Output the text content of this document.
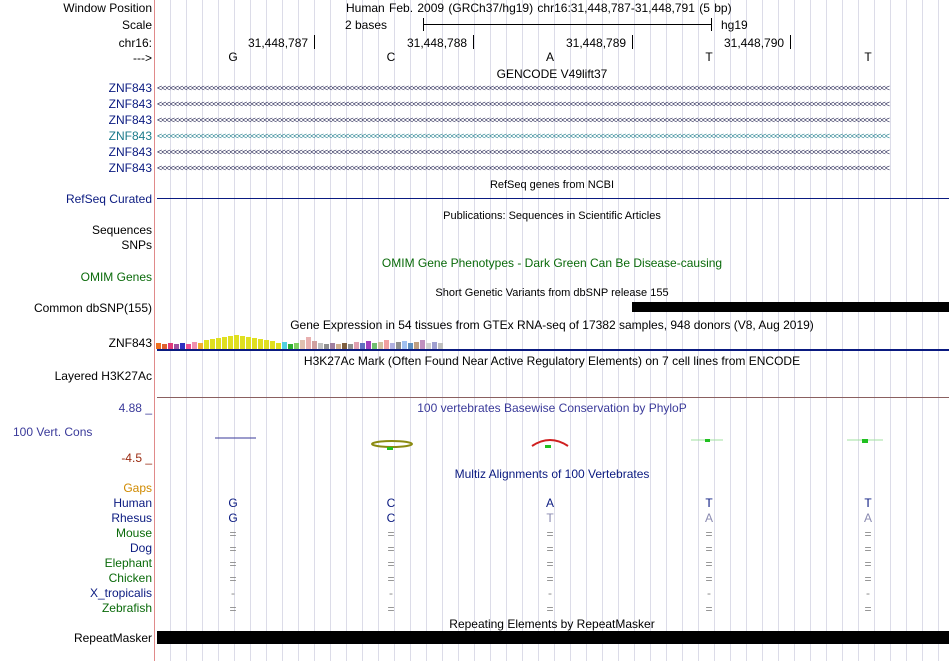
Window Position	Human Feb. 2009 (GRCh37/hg19) chr16:31,448,787-31,448,791 (5 bp)
Scale	2 bases	hg19
chr16:	31,448,787	31,448,788	31,448,789	31,448,790
--->	G	C	A	T	T
GENCODE V49lift37
ZNF843 <<<<<<<<<<<<<<<<<<<<<<<<<<<<<<<<<<<<<<<<<<<<<<<<<<<<<<<<<<<<<<<<<<<<<<<<<<<<<<<<<<<<<<<<<<<<<<<<<<<<<<<<<<<<<<<<<<<<<<<<<<<<<<<<<<<<<<<<<<<<<<<<<<<<<<<<<<<<<<<<<<<<<<<<<<<<
ZNF843 <<<<<<<<<<<<<<<<<<<<<<<<<<<<<<<<<<<<<<<<<<<<<<<<<<<<<<<<<<<<<<<<<<<<<<<<<<<<<<<<<<<<<<<<<<<<<<<<<<<<<<<<<<<<<<<<<<<<<<<<<<<<<<<<<<<<<<<<<<<<<<<<<<<<<<<<<<<<<<<<<<<<<<<<<<<<
ZNF843 <<<<<<<<<<<<<<<<<<<<<<<<<<<<<<<<<<<<<<<<<<<<<<<<<<<<<<<<<<<<<<<<<<<<<<<<<<<<<<<<<<<<<<<<<<<<<<<<<<<<<<<<<<<<<<<<<<<<<<<<<<<<<<<<<<<<<<<<<<<<<<<<<<<<<<<<<<<<<<<<<<<<<<<<<<<<
ZNF843 <<<<<<<<<<<<<<<<<<<<<<<<<<<<<<<<<<<<<<<<<<<<<<<<<<<<<<<<<<<<<<<<<<<<<<<<<<<<<<<<<<<<<<<<<<<<<<<<<<<<<<<<<<<<<<<<<<<<<<<<<<<<<<<<<<<<<<<<<<<<<<<<<<<<<<<<<<<<<<<<<<<<<<<<<<<<
ZNF843 <<<<<<<<<<<<<<<<<<<<<<<<<<<<<<<<<<<<<<<<<<<<<<<<<<<<<<<<<<<<<<<<<<<<<<<<<<<<<<<<<<<<<<<<<<<<<<<<<<<<<<<<<<<<<<<<<<<<<<<<<<<<<<<<<<<<<<<<<<<<<<<<<<<<<<<<<<<<<<<<<<<<<<<<<<<<
ZNF843 <<<<<<<<<<<<<<<<<<<<<<<<<<<<<<<<<<<<<<<<<<<<<<<<<<<<<<<<<<<<<<<<<<<<<<<<<<<<<<<<<<<<<<<<<<<<<<<<<<<<<<<<<<<<<<<<<<<<<<<<<<<<<<<<<<<<<<<<<<<<<<<<<<<<<<<<<<<<<<<<<<<<<<<<<<<<
RefSeq genes from NCBI
RefSeq Curated
Publications: Sequences in Scientific Articles
Sequences
SNPs
OMIM Gene Phenotypes - Dark Green Can Be Disease-causing
OMIM Genes
Short Genetic Variants from dbSNP release 155
Common dbSNP(155)
Gene Expression in 54 tissues from GTEx RNA-seq of 17382 samples, 948 donors (V8, Aug 2019)
ZNF843
H3K27Ac Mark (Often Found Near Active Regulatory Elements) on 7 cell lines from ENCODE
Layered H3K27Ac
100 vertebrates Basewise Conservation by PhyloP
4.88 _
100 Vert. Cons
-4.5 _
Multiz Alignments of 100 Vertebrates
Gaps
Human	G	C	A	T	T
Rhesus	G	C	T	A	A
Mouse	=	=	=	=	=
Dog	=	=	=	=	=
Elephant	=	=	=	=	=
Chicken	=	=	=	=	=
X_tropicalis	-	-	-	-	-
Zebrafish	=	=	=	=	=
Repeating Elements by RepeatMasker
RepeatMasker
